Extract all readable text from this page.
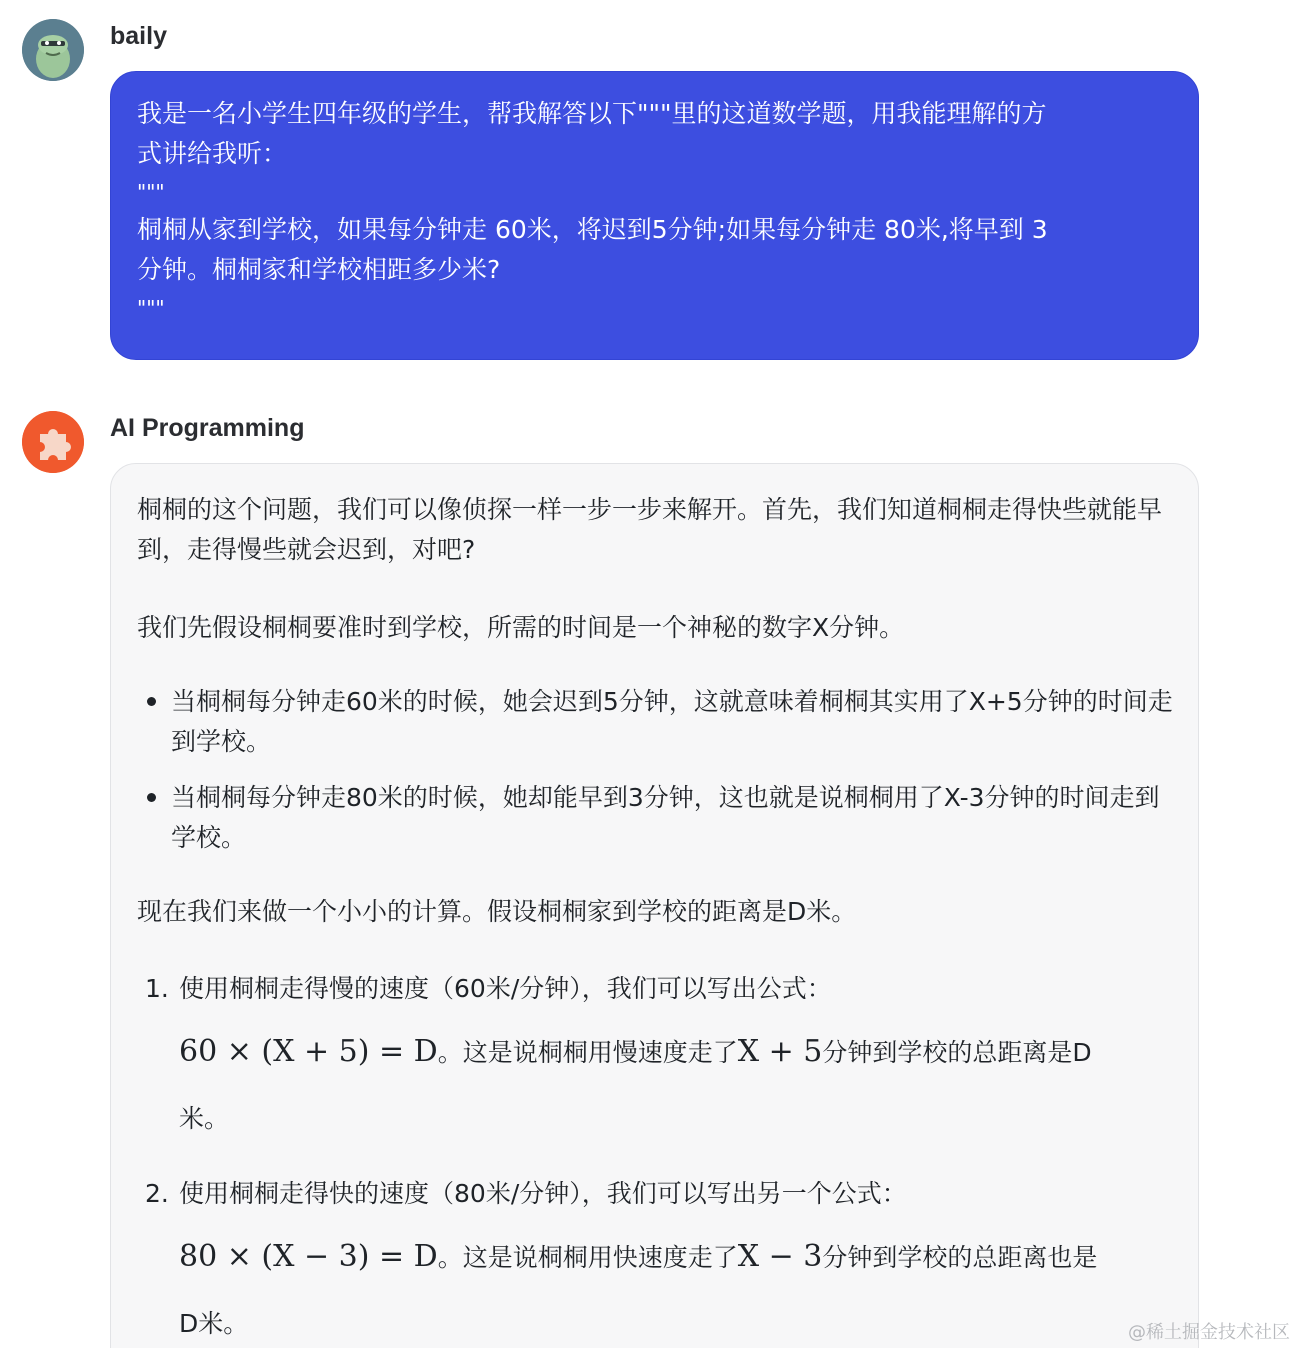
baily
我是一名小学生四年级的学生，帮我解答以下"""里的这道数学题，用我能理解的方
式讲给我听：
"""
桐桐从家到学校，如果每分钟走 60米，将迟到5分钟;如果每分钟走 80米,将早到 3
分钟。桐桐家和学校相距多少米?
"""
AI Programming

桐桐的这个问题，我们可以像侦探一样一步一步来解开。首先，我们知道桐桐走得快些就能早到，走得慢些就会迟到，对吧?

我们先假设桐桐要准时到学校，所需的时间是一个神秘的数字X分钟。

当桐桐每分钟走60米的时候，她会迟到5分钟，这就意味着桐桐其实用了X+5分钟的时间走到学校。
当桐桐每分钟走80米的时候，她却能早到3分钟，这也就是说桐桐用了X-3分钟的时间走到学校。

现在我们来做一个小小的计算。假设桐桐家到学校的距离是D米。

1. 使用桐桐走得慢的速度（60米/分钟），我们可以写出公式：
60 × (X + 5) = D。这是说桐桐用慢速度走了X + 5分钟到学校的总距离是D
米。
2. 使用桐桐走得快的速度（80米/分钟），我们可以写出另一个公式：
80 × (X − 3) = D。这是说桐桐用快速度走了X − 3分钟到学校的总距离也是
D米。	@稀土掘金技术社区
